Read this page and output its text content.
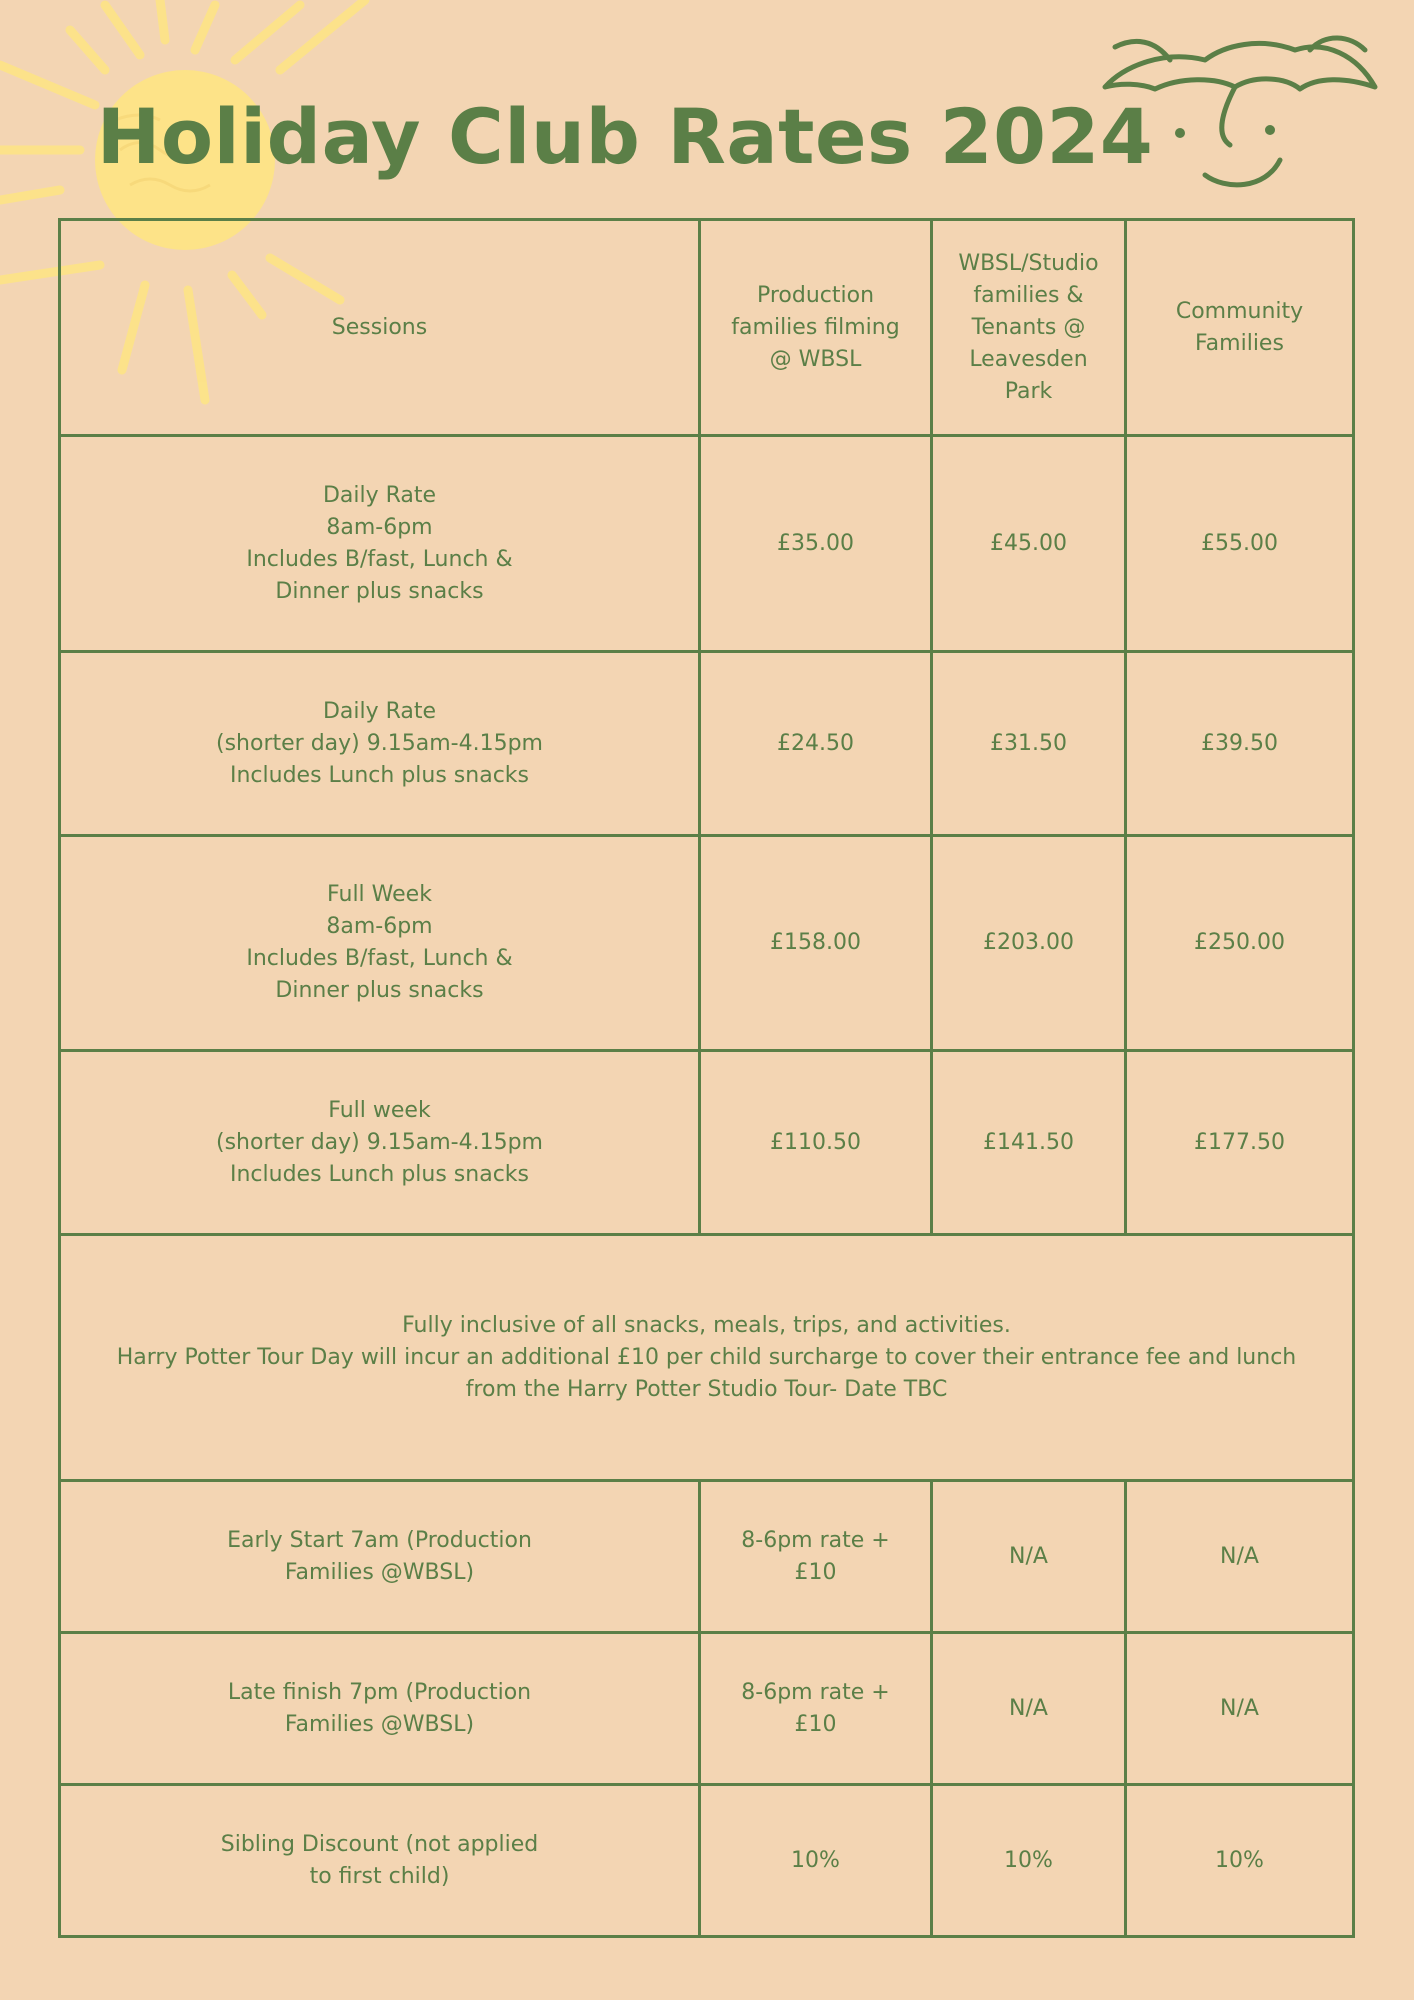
Holiday Club Rates 2024
Sessions	Production families filming @ WBSL	WBSL/Studio families & Tenants @ Leavesden Park	Community Families
Daily Rate
8am-6pm
Includes B/fast, Lunch &
Dinner plus snacks	£35.00	£45.00	£55.00
Daily Rate
(shorter day) 9.15am-4.15pm
Includes Lunch plus snacks	£24.50	£31.50	£39.50
Full Week
8am-6pm
Includes B/fast, Lunch &
Dinner plus snacks	£158.00	£203.00	£250.00
Full week
(shorter day) 9.15am-4.15pm
Includes Lunch plus snacks	£110.50	£141.50	£177.50
Fully inclusive of all snacks, meals, trips, and activities.
Harry Potter Tour Day will incur an additional £10 per child surcharge to cover their entrance fee and lunch from the Harry Potter Studio Tour- Date TBC			
Early Start 7am (Production
Families @WBSL)	8-6pm rate +£10	N/A	N/A
Late finish 7pm (Production
Families @WBSL)	8-6pm rate +£10	N/A	N/A
Sibling Discount (not applied
to first child)	10%	10%	10%
